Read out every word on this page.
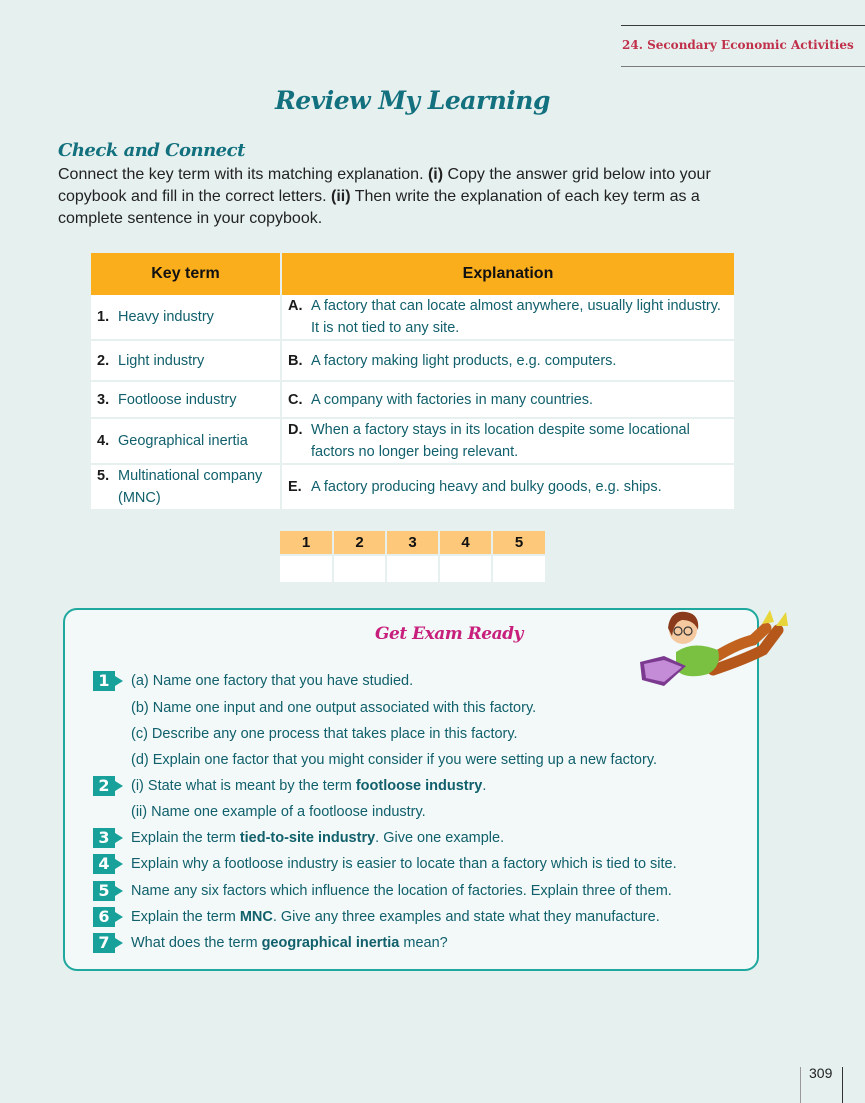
24. Secondary Economic Activities
Review My Learning
Check and Connect
Connect the key term with its matching explanation. (i) Copy the answer grid below into your copybook and fill in the correct letters. (ii) Then write the explanation of each key term as a complete sentence in your copybook.
Key term	Explanation

1. Heavy industry	A. A factory that can locate almost anywhere, usually light industry. It is not tied to any site.

2. Light industry	B. A factory making light products, e.g. computers.

3. Footloose industry	C. A company with factories in many countries.

4. Geographical inertia	D. When a factory stays in its location despite some locational factors no longer being relevant.

5. Multinational company (MNC)	E. A factory producing heavy and bulky goods, e.g. ships.
1	2	3	4	5

Get Exam Ready
1	(a) Name one factory that you have studied.
(b) Name one input and one output associated with this factory.
(c) Describe any one process that takes place in this factory.
(d) Explain one factor that you might consider if you were setting up a new factory.
2	(i) State what is meant by the term footloose industry.
(ii) Name one example of a footloose industry.
3	Explain the term tied-to-site industry. Give one example.
4	Explain why a footloose industry is easier to locate than a factory which is tied to site.
5	Name any six factors which influence the location of factories. Explain three of them.
6	Explain the term MNC. Give any three examples and state what they manufacture.
7	What does the term geographical inertia mean?
309
